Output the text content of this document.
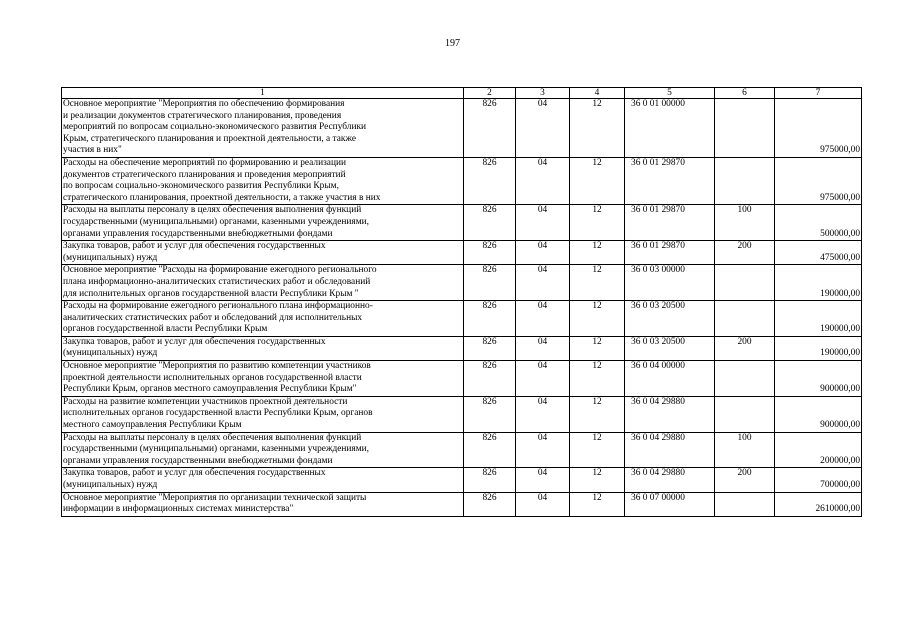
197
1	2	3	4	5	6	7

Основное мероприятие "Мероприятия по обеспечению формирования
и реализации документов стратегического планирования, проведения
мероприятий по вопросам социально-экономического развития Республики
Крым, стратегического планирования и проектной деятельности, а также
участия в них"	826	04	12	36 0 01 00000		975000,00

Расходы на обеспечение мероприятий по формированию и реализации
документов стратегического планирования и проведения мероприятий
по вопросам социально-экономического развития Республики Крым,
стратегического планирования, проектной деятельности, а также участия в них	826	04	12	36 0 01 29870		975000,00

Расходы на выплаты персоналу в целях обеспечения выполнения функций
государственными (муниципальными) органами, казенными учреждениями,
органами управления государственными внебюджетными фондами	826	04	12	36 0 01 29870	100	500000,00

Закупка товаров, работ и услуг для обеспечения государственных
(муниципальных) нужд	826	04	12	36 0 01 29870	200	475000,00

Основное мероприятие "Расходы на формирование ежегодного регионального
плана информационно-аналитических статистических работ и обследований
для исполнительных органов государственной власти Республики Крым "	826	04	12	36 0 03 00000		190000,00

Расходы на формирование ежегодного регионального плана информационно-
аналитических статистических работ и обследований для исполнительных
органов государственной власти Республики Крым	826	04	12	36 0 03 20500		190000,00

Закупка товаров, работ и услуг для обеспечения государственных
(муниципальных) нужд	826	04	12	36 0 03 20500	200	190000,00

Основное мероприятие "Мероприятия по развитию компетенции участников
проектной деятельности исполнительных органов государственной власти
Республики Крым, органов местного самоуправления Республики Крым"	826	04	12	36 0 04 00000		900000,00

Расходы на развитие компетенции участников проектной деятельности
исполнительных органов государственной власти Республики Крым, органов
местного самоуправления Республики Крым	826	04	12	36 0 04 29880		900000,00

Расходы на выплаты персоналу в целях обеспечения выполнения функций
государственными (муниципальными) органами, казенными учреждениями,
органами управления государственными внебюджетными фондами	826	04	12	36 0 04 29880	100	200000,00

Закупка товаров, работ и услуг для обеспечения государственных
(муниципальных) нужд	826	04	12	36 0 04 29880	200	700000,00

Основное мероприятие "Мероприятия по организации технической защиты
информации в информационных системах министерства"	826	04	12	36 0 07 00000		2610000,00
